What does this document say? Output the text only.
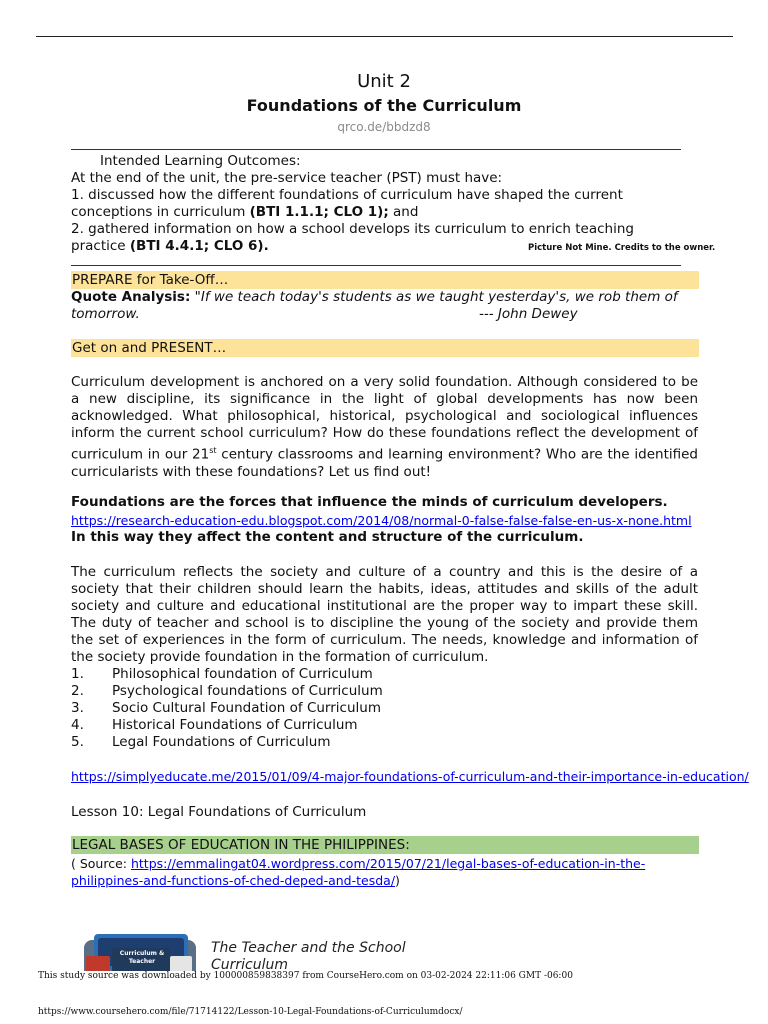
Unit 2
Foundations of the Curriculum
qrco.de/bbdzd8
Intended Learning Outcomes:
At the end of the unit, the pre-service teacher (PST) must have:
1. discussed how the different foundations of curriculum have shaped the current conceptions in curriculum (BTI 1.1.1; CLO 1); and
2. gathered information on how a school develops its curriculum to enrich teaching practice (BTI 4.4.1; CLO 6).	Picture Not Mine. Credits to the owner.
PREPARE for Take-Off…
Quote Analysis: "If we teach today's students as we taught yesterday's, we rob them of tomorrow.	--- John Dewey
Get on and PRESENT…
Curriculum development is anchored on a very solid foundation. Although considered to be a new discipline, its significance in the light of global developments has now been acknowledged. What philosophical, historical, psychological and sociological influences inform the current school curriculum? How do these foundations reflect the development of curriculum in our 21st century classrooms and learning environment? Who are the identified curricularists with these foundations? Let us find out!
Foundations are the forces that influence the minds of curriculum developers.
https://research-education-edu.blogspot.com/2014/08/normal-0-false-false-false-en-us-x-none.html
In this way they affect the content and structure of the curriculum.
The curriculum reflects the society and culture of a country and this is the desire of a society that their children should learn the habits, ideas, attitudes and skills of the adult society and culture and educational institutional are the proper way to impart these skill. The duty of teacher and school is to discipline the young of the society and provide them the set of experiences in the form of curriculum. The needs, knowledge and information of the society provide foundation in the formation of curriculum.
1. Philosophical foundation of Curriculum
2. Psychological foundations of Curriculum
3. Socio Cultural Foundation of Curriculum
4. Historical Foundations of Curriculum
5. Legal Foundations of Curriculum
https://simplyeducate.me/2015/01/09/4-major-foundations-of-curriculum-and-their-importance-in-education/
Lesson 10: Legal Foundations of Curriculum
LEGAL BASES OF EDUCATION IN THE PHILIPPINES:
( Source: https://emmalingat04.wordpress.com/2015/07/21/legal-bases-of-education-in-the-philippines-and-functions-of-ched-deped-and-tesda/)
Curriculum & Teacher
The Teacher and the School
Curriculum
This study source was downloaded by 100000859838397 from CourseHero.com on 03-02-2024 22:11:06 GMT -06:00
https://www.coursehero.com/file/71714122/Lesson-10-Legal-Foundations-of-Curriculumdocx/
